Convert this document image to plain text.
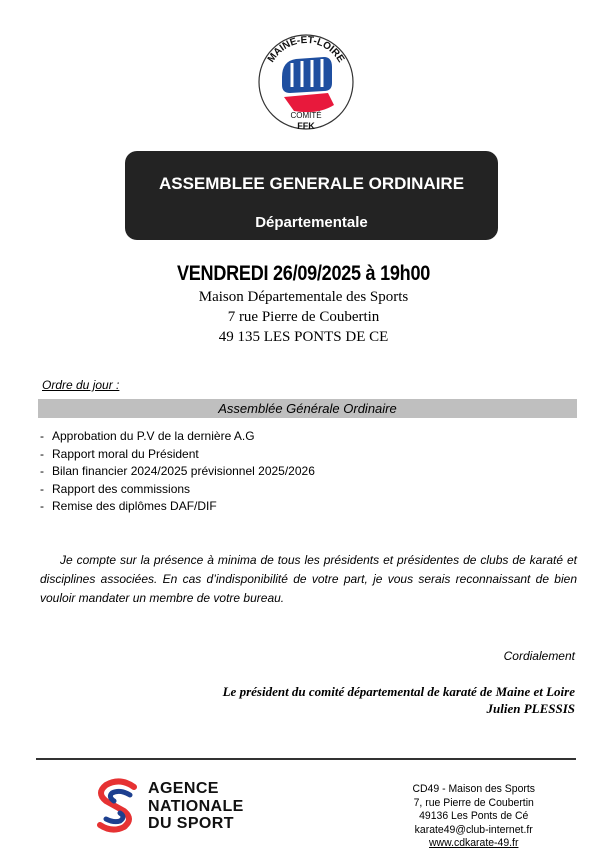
MAINE-ET-LOIRE
COMITÉ
FFK
ASSEMBLEE GENERALE ORDINAIRE
Départementale
VENDREDI 26/09/2025 à 19h00
Maison Départementale des Sports
7 rue Pierre de Coubertin
49 135 LES PONTS DE CE
Ordre du jour :
Assemblée Générale Ordinaire
- Approbation du P.V de la dernière A.G
- Rapport moral du Président
- Bilan financier 2024/2025 prévisionnel 2025/2026
- Rapport des commissions
- Remise des diplômes DAF/DIF
Je compte sur la présence à minima de tous les présidents et présidentes de clubs de karaté et disciplines associées. En cas d’indisponibilité de votre part, je vous serais reconnaissant de bien vouloir mandater un membre de votre bureau.
Cordialement
Le président du comité départemental de karaté de Maine et Loire
Julien PLESSIS
AGENCE
NATIONALE
DU SPORT
CD49 - Maison des Sports
7, rue Pierre de Coubertin
49136 Les Ponts de Cé
karate49@club-internet.fr
www.cdkarate-49.fr
